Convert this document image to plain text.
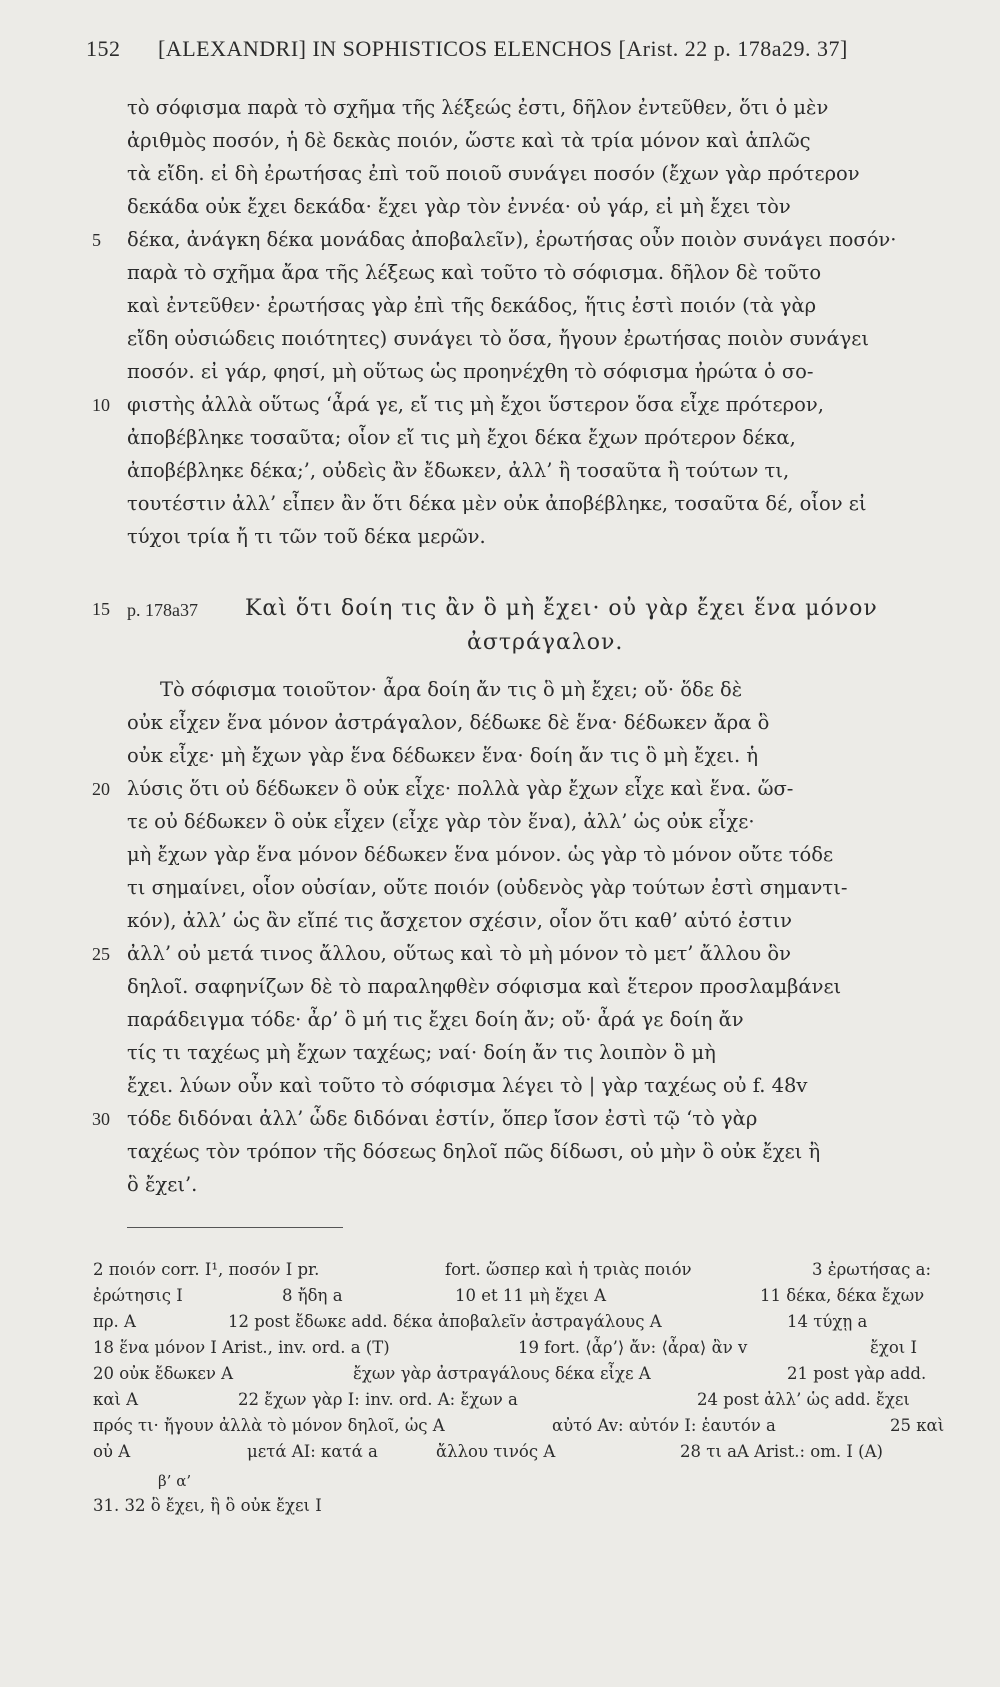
152 [ALEXANDRI] IN SOPHISTICOS ELENCHOS [Arist. 22 p. 178a29. 37]
τὸ σόφισμα παρὰ τὸ σχῆμα τῆς λέξεώς ἐστι, δῆλον ἐντεῦθεν, ὅτι ὁ μὲν
ἀριθμὸς ποσόν, ἡ δὲ δεκὰς ποιόν, ὥστε καὶ τὰ τρία μόνον καὶ ἁπλῶς
τὰ εἴδη. εἰ δὴ ἐρωτήσας ἐπὶ τοῦ ποιοῦ συνάγει ποσόν (ἔχων γὰρ πρότερον
δεκάδα οὐκ ἔχει δεκάδα· ἔχει γὰρ τὸν ἐννέα· οὐ γάρ, εἰ μὴ ἔχει τὸν
5	δέκα, ἀνάγκη δέκα μονάδας ἀποβαλεῖν), ἐρωτήσας οὖν ποιὸν συνάγει ποσόν·
παρὰ τὸ σχῆμα ἄρα τῆς λέξεως καὶ τοῦτο τὸ σόφισμα. δῆλον δὲ τοῦτο
καὶ ἐντεῦθεν· ἐρωτήσας γὰρ ἐπὶ τῆς δεκάδος, ἥτις ἐστὶ ποιόν (τὰ γὰρ
εἴδη οὐσιώδεις ποιότητες) συνάγει τὸ ὅσα, ἤγουν ἐρωτήσας ποιὸν συνάγει
ποσόν. εἰ γάρ, φησί, μὴ οὕτως ὡς προηνέχθη τὸ σόφισμα ἠρώτα ὁ σο-
10 φιστὴς ἀλλὰ οὕτως ‘ἆρά γε, εἴ τις μὴ ἔχοι ὕστερον ὅσα εἶχε πρότερον,
ἀποβέβληκε τοσαῦτα; οἷον εἴ τις μὴ ἔχοι δέκα ἔχων πρότερον δέκα,
ἀποβέβληκε δέκα;’, οὐδεὶς ἂν ἔδωκεν, ἀλλ’ ἢ τοσαῦτα ἢ τούτων τι,
τουτέστιν ἀλλ’ εἶπεν ἂν ὅτι δέκα μὲν οὐκ ἀποβέβληκε, τοσαῦτα δέ, οἷον εἰ
τύχοι τρία ἤ τι τῶν τοῦ δέκα μερῶν.
15 p. 178a37 Καὶ ὅτι δοίη τις ἂν ὃ μὴ ἔχει· οὐ γὰρ ἔχει ἕνα μόνον
ἀστράγαλον.
Τὸ σόφισμα τοιοῦτον· ἆρα δοίη ἄν τις ὃ μὴ ἔχει; οὔ· ὅδε δὲ
οὐκ εἶχεν ἕνα μόνον ἀστράγαλον, δέδωκε δὲ ἕνα· δέδωκεν ἄρα ὃ
οὐκ εἶχε· μὴ ἔχων γὰρ ἕνα δέδωκεν ἕνα· δοίη ἄν τις ὃ μὴ ἔχει. ἡ
20 λύσις ὅτι οὐ δέδωκεν ὃ οὐκ εἶχε· πολλὰ γὰρ ἔχων εἶχε καὶ ἕνα. ὥσ-
τε οὐ δέδωκεν ὃ οὐκ εἶχεν (εἶχε γὰρ τὸν ἕνα), ἀλλ’ ὡς οὐκ εἶχε·
μὴ ἔχων γὰρ ἕνα μόνον δέδωκεν ἕνα μόνον. ὡς γὰρ τὸ μόνον οὔτε τόδε
τι σημαίνει, οἷον οὐσίαν, οὔτε ποιόν (οὐδενὸς γὰρ τούτων ἐστὶ σημαντι-
κόν), ἀλλ’ ὡς ἂν εἴπέ τις ἄσχετον σχέσιν, οἷον ὅτι καθ’ αὑτό ἐστιν
25 ἀλλ’ οὐ μετά τινος ἄλλου, οὕτως καὶ τὸ μὴ μόνον τὸ μετ’ ἄλλου ὃν
δηλοῖ. σαφηνίζων δὲ τὸ παραληφθὲν σόφισμα καὶ ἕτερον προσλαμβάνει
παράδειγμα τόδε· ἆρ’ ὃ μή τις ἔχει δοίη ἄν; οὔ· ἆρά γε δοίη ἄν
τίς τι ταχέως μὴ ἔχων ταχέως; ναί· δοίη ἄν τις λοιπὸν ὃ μὴ
ἔχει. λύων οὖν καὶ τοῦτο τὸ σόφισμα λέγει τὸ | γὰρ ταχέως οὐ f. 48v
30 τόδε διδόναι ἀλλ’ ὧδε διδόναι ἐστίν, ὅπερ ἴσον ἐστὶ τῷ ‘τὸ γὰρ
ταχέως τὸν τρόπον τῆς δόσεως δηλοῖ πῶς δίδωσι, οὐ μὴν ὃ οὐκ ἔχει ἢ
ὃ ἔχει’.
2 ποιόν corr. I¹, ποσόν I pr.	fort. ὥσπερ καὶ ἡ τριὰς ποιόν	3 ἐρωτήσας a:
ἐρώτησις I	8 ἤδη a	10 et 11 μὴ ἔχει A	11 δέκα, δέκα ἔχων
πρ. A	12 post ἔδωκε add. δέκα ἀποβαλεῖν ἀστραγάλους A	14 τύχῃ a
18 ἕνα μόνον I Arist., inv. ord. a (T)	19 fort. ⟨ἆρ’⟩ ἄν: ⟨ἆρα⟩ ἂν v	ἔχοι I
20 οὐκ ἔδωκεν A	ἔχων γὰρ ἀστραγάλους δέκα εἶχε A	21 post γὰρ add.
καὶ A	22 ἔχων γὰρ I: inv. ord. A: ἔχων a	24 post ἀλλ’ ὡς add. ἔχει
πρός τι· ἤγουν ἀλλὰ τὸ μόνον δηλοῖ, ὡς A	αὐτό Av: αὐτόν I: ἑαυτόν a	25 καὶ
οὐ A	μετά AI: κατά a	ἄλλου τινός A	28 τι aA Arist.: om. I (A)
β’ α’
31. 32 ὃ ἔχει, ἢ ὃ οὐκ ἔχει I
